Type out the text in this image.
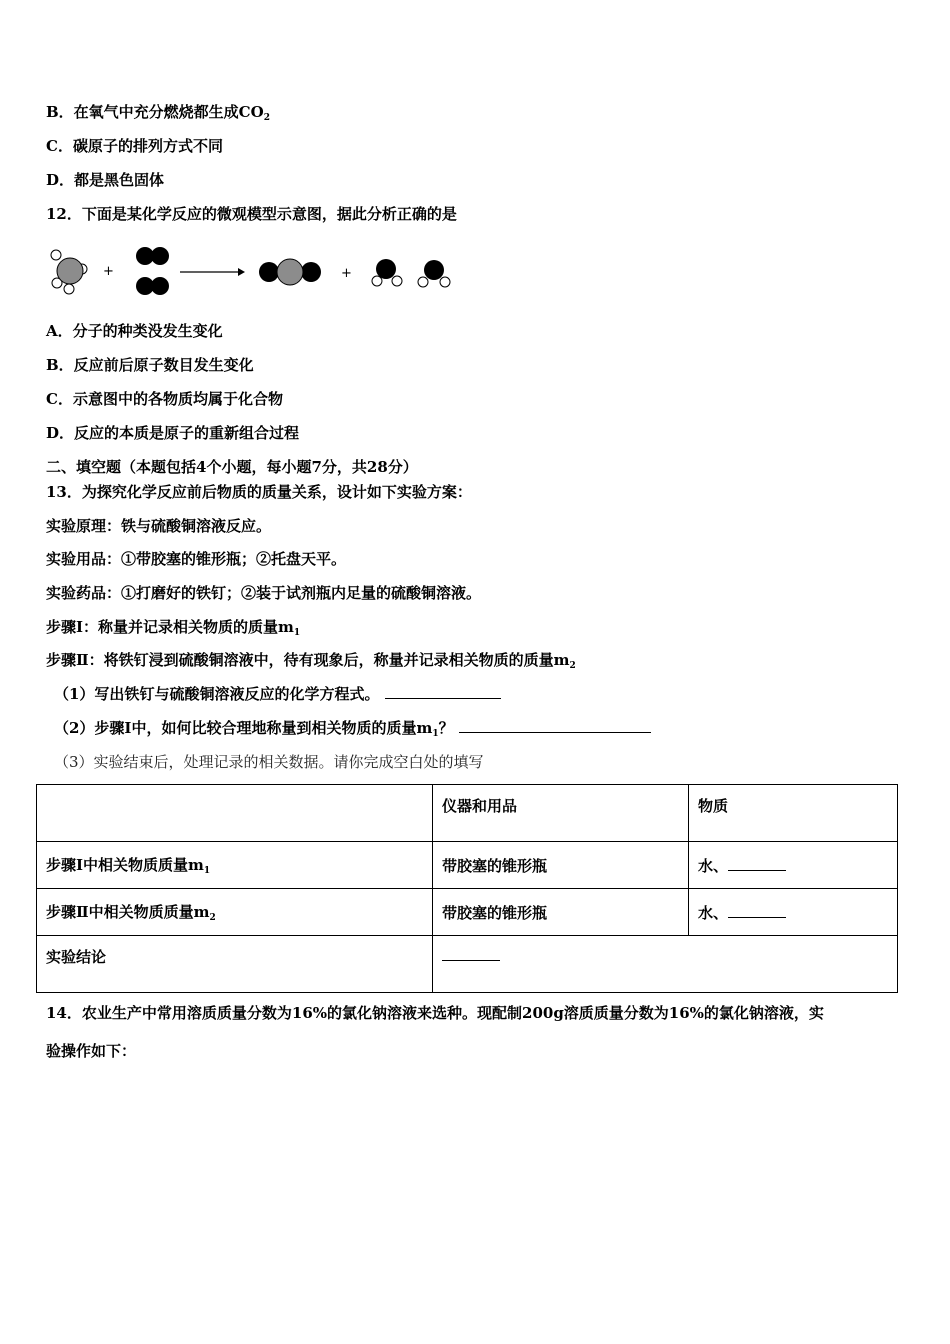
B．在氧气中充分燃烧都生成$CO_2$
C．碳原子的排列方式不同
D．都是黑色固体
12．下面是某化学反应的微观模型示意图，据此分析正确的是
+	+
A．分子的种类没发生变化
B．反应前后原子数目发生变化
C．示意图中的各物质均属于化合物
D．反应的本质是原子的重新组合过程
二、填空题（本题包括4个小题，每小题7分，共28分）
13．为探究化学反应前后物质的质量关系，设计如下实验方案：
实验原理：铁与硫酸铜溶液反应。
实验用品：①带胶塞的锥形瓶；②托盘天平。
实验药品：①打磨好的铁钉；②装于试剂瓶内足量的硫酸铜溶液。
步骤Ⅰ：称量并记录相关物质的质量$m_1$
步骤Ⅱ：将铁钉浸到硫酸铜溶液中，待有现象后，称量并记录相关物质的质量$m_2$
（1）写出铁钉与硫酸铜溶液反应的化学方程式。
（2）步骤Ⅰ中，如何比较合理地称量到相关物质的质量$m_1$？
（3）实验结束后，处理记录的相关数据。请你完成空白处的填写
	仪器和用品	物质
步骤Ⅰ中相关物质质量$m_1$	带胶塞的锥形瓶	水、
步骤Ⅱ中相关物质质量$m_2$	带胶塞的锥形瓶	水、
实验结论		
14．农业生产中常用溶质质量分数为16%的氯化钠溶液来选种。现配制200g溶质质量分数为16%的氯化钠溶液，实
验操作如下：
